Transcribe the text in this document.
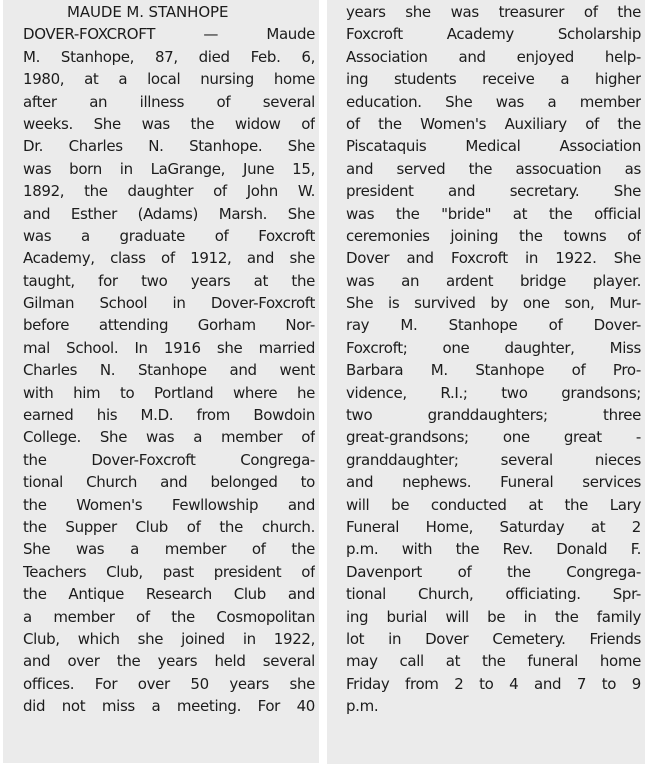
MAUDE M. STANHOPE
DOVER-FOXCROFT — Maude
M. Stanhope, 87, died Feb. 6,
1980, at a local nursing home
after an illness of several
weeks. She was the widow of
Dr. Charles N. Stanhope. She
was born in LaGrange, June 15,
1892, the daughter of John W.
and Esther (Adams) Marsh. She
was a graduate of Foxcroft
Academy, class of 1912, and she
taught, for two years at the
Gilman School in Dover-Foxcroft
before attending Gorham Nor-
mal School. In 1916 she married
Charles N. Stanhope and went
with him to Portland where he
earned his M.D. from Bowdoin
College. She was a member of
the Dover-Foxcroft Congrega-
tional Church and belonged to
the Women's Fewllowship and
the Supper Club of the church.
She was a member of the
Teachers Club, past president of
the Antique Research Club and
a member of the Cosmopolitan
Club, which she joined in 1922,
and over the years held several
offices. For over 50 years she
did not miss a meeting. For 40
years she was treasurer of the
Foxcroft Academy Scholarship
Association and enjoyed help-
ing students receive a higher
education. She was a member
of the Women's Auxiliary of the
Piscataquis Medical Association
and served the assocuation as
president and secretary. She
was the "bride" at the official
ceremonies joining the towns of
Dover and Foxcroft in 1922. She
was an ardent bridge player.
She is survived by one son, Mur-
ray M. Stanhope of Dover-
Foxcroft; one daughter, Miss
Barbara M. Stanhope of Pro-
vidence, R.I.; two grandsons;
two granddaughters; three
great-grandsons; one great -
granddaughter; several nieces
and nephews. Funeral services
will be conducted at the Lary
Funeral Home, Saturday at 2
p.m. with the Rev. Donald F.
Davenport of the Congrega-
tional Church, officiating. Spr-
ing burial will be in the family
lot in Dover Cemetery. Friends
may call at the funeral home
Friday from 2 to 4 and 7 to 9
p.m.
